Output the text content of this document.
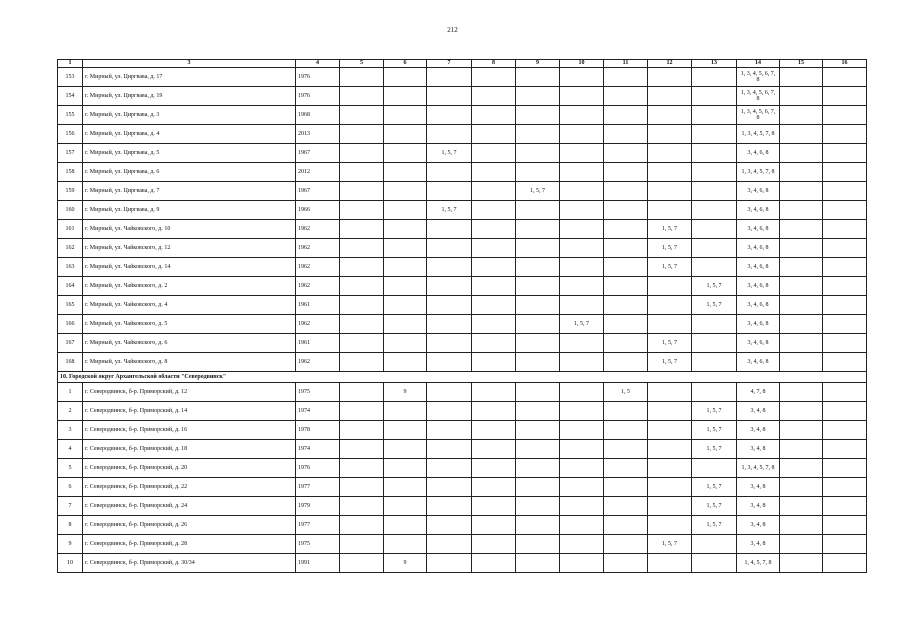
212
1	3	4	5	6	7	8	9	10	11	12	13	14	15	16
153	г. Мирный, ул. Циргвава, д. 17	1976										1, 3, 4, 5, 6, 7, 8		
154	г. Мирный, ул. Циргвава, д. 19	1976										1, 3, 4, 5, 6, 7, 8		
155	г. Мирный, ул. Циргвава, д. 3	1968										1, 3, 4, 5, 6, 7, 8		
156	г. Мирный, ул. Циргвава, д. 4	2013										1, 3, 4, 5, 7, 8		
157	г. Мирный, ул. Циргвава, д. 5	1967			1, 5, 7							3, 4, 6, 8		
158	г. Мирный, ул. Циргвава, д. 6	2012										1, 3, 4, 5, 7, 8		
159	г. Мирный, ул. Циргвава, д. 7	1967					1, 5, 7					3, 4, 6, 8		
160	г. Мирный, ул. Циргвава, д. 9	1966			1, 5, 7							3, 4, 6, 8		
161	г. Мирный, ул. Чайковского, д. 10	1962								1, 5, 7		3, 4, 6, 8		
162	г. Мирный, ул. Чайковского, д. 12	1962								1, 5, 7		3, 4, 6, 8		
163	г. Мирный, ул. Чайковского, д. 14	1962								1, 5, 7		3, 4, 6, 8		
164	г. Мирный, ул. Чайковского, д. 2	1962									1, 5, 7	3, 4, 6, 8		
165	г. Мирный, ул. Чайковского, д. 4	1961									1, 5, 7	3, 4, 6, 8		
166	г. Мирный, ул. Чайковского, д. 5	1962						1, 5, 7				3, 4, 6, 8		
167	г. Мирный, ул. Чайковского, д. 6	1961								1, 5, 7		3, 4, 6, 8		
168	г. Мирный, ул. Чайковского, д. 8	1962								1, 5, 7		3, 4, 6, 8		
10. Городской округ Архангельской области "Северодвинск"														
1	г. Северодвинск, б-р. Приморский, д. 12	1975		9					1, 5			4, 7, 8		
2	г. Северодвинск, б-р. Приморский, д. 14	1974									1, 5, 7	3, 4, 8		
3	г. Северодвинск, б-р. Приморский, д. 16	1978									1, 5, 7	3, 4, 8		
4	г. Северодвинск, б-р. Приморский, д. 18	1974									1, 5, 7	3, 4, 8		
5	г. Северодвинск, б-р. Приморский, д. 20	1976										1, 3, 4, 5, 7, 8		
6	г. Северодвинск, б-р. Приморский, д. 22	1977									1, 5, 7	3, 4, 8		
7	г. Северодвинск, б-р. Приморский, д. 24	1979									1, 5, 7	3, 4, 8		
8	г. Северодвинск, б-р. Приморский, д. 26	1977									1, 5, 7	3, 4, 8		
9	г. Северодвинск, б-р. Приморский, д. 28	1975								1, 5, 7		3, 4, 8		
10	г. Северодвинск, б-р. Приморский, д. 30/34	1991		9								1, 4, 5, 7, 8		
